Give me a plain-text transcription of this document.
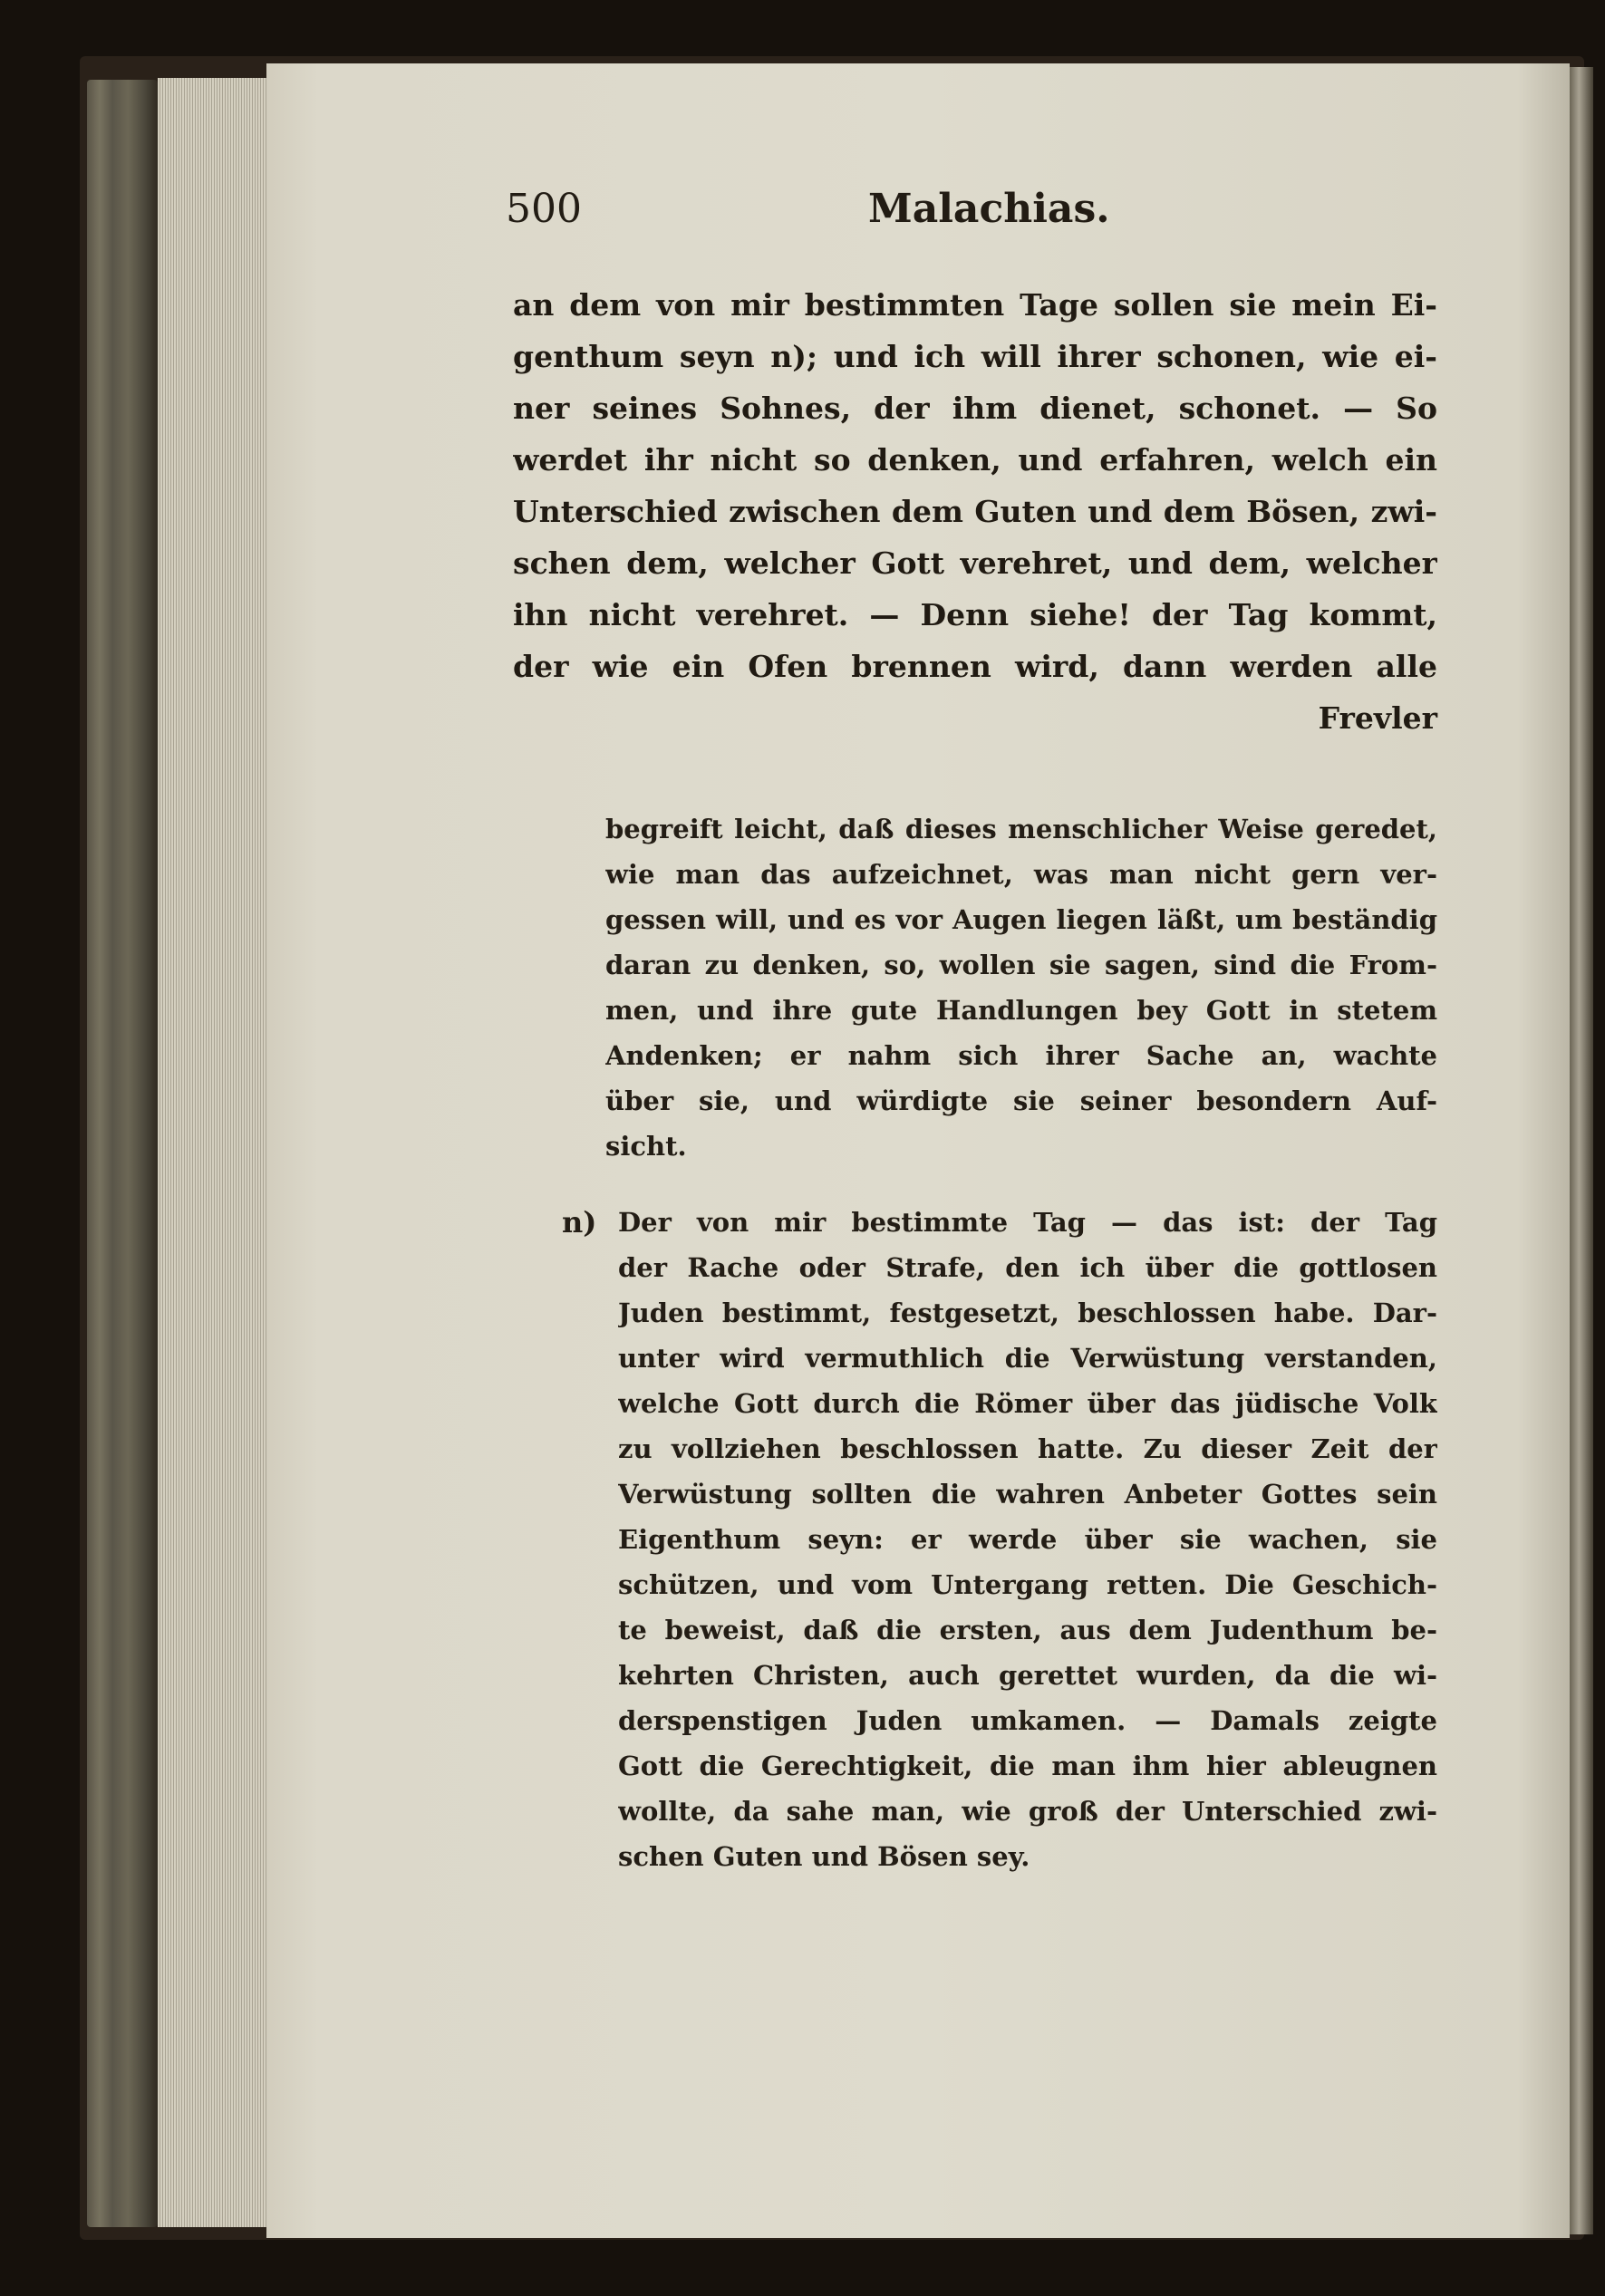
500	Malachias.
an dem von mir bestimmten Tage sollen sie mein Ei-
genthum seyn n); und ich will ihrer schonen, wie ei-
ner seines Sohnes, der ihm dienet, schonet. — So
werdet ihr nicht so denken, und erfahren, welch ein
Unterschied zwischen dem Guten und dem Bösen, zwi-
schen dem, welcher Gott verehret, und dem, welcher
ihn nicht verehret. — Denn siehe! der Tag kommt,
der wie ein Ofen brennen wird, dann werden alle
Frevler
begreift leicht, daß dieses menschlicher Weise geredet,
wie man das aufzeichnet, was man nicht gern ver-
gessen will, und es vor Augen liegen läßt, um beständig
daran zu denken, so, wollen sie sagen, sind die From-
men, und ihre gute Handlungen bey Gott in stetem
Andenken; er nahm sich ihrer Sache an, wachte
über sie, und würdigte sie seiner besondern Auf-
sicht.
n) Der von mir bestimmte Tag — das ist: der Tag
der Rache oder Strafe, den ich über die gottlosen
Juden bestimmt, festgesetzt, beschlossen habe. Dar-
unter wird vermuthlich die Verwüstung verstanden,
welche Gott durch die Römer über das jüdische Volk
zu vollziehen beschlossen hatte. Zu dieser Zeit der
Verwüstung sollten die wahren Anbeter Gottes sein
Eigenthum seyn: er werde über sie wachen, sie
schützen, und vom Untergang retten. Die Geschich-
te beweist, daß die ersten, aus dem Judenthum be-
kehrten Christen, auch gerettet wurden, da die wi-
derspenstigen Juden umkamen. — Damals zeigte
Gott die Gerechtigkeit, die man ihm hier ableugnen
wollte, da sahe man, wie groß der Unterschied zwi-
schen Guten und Bösen sey.
